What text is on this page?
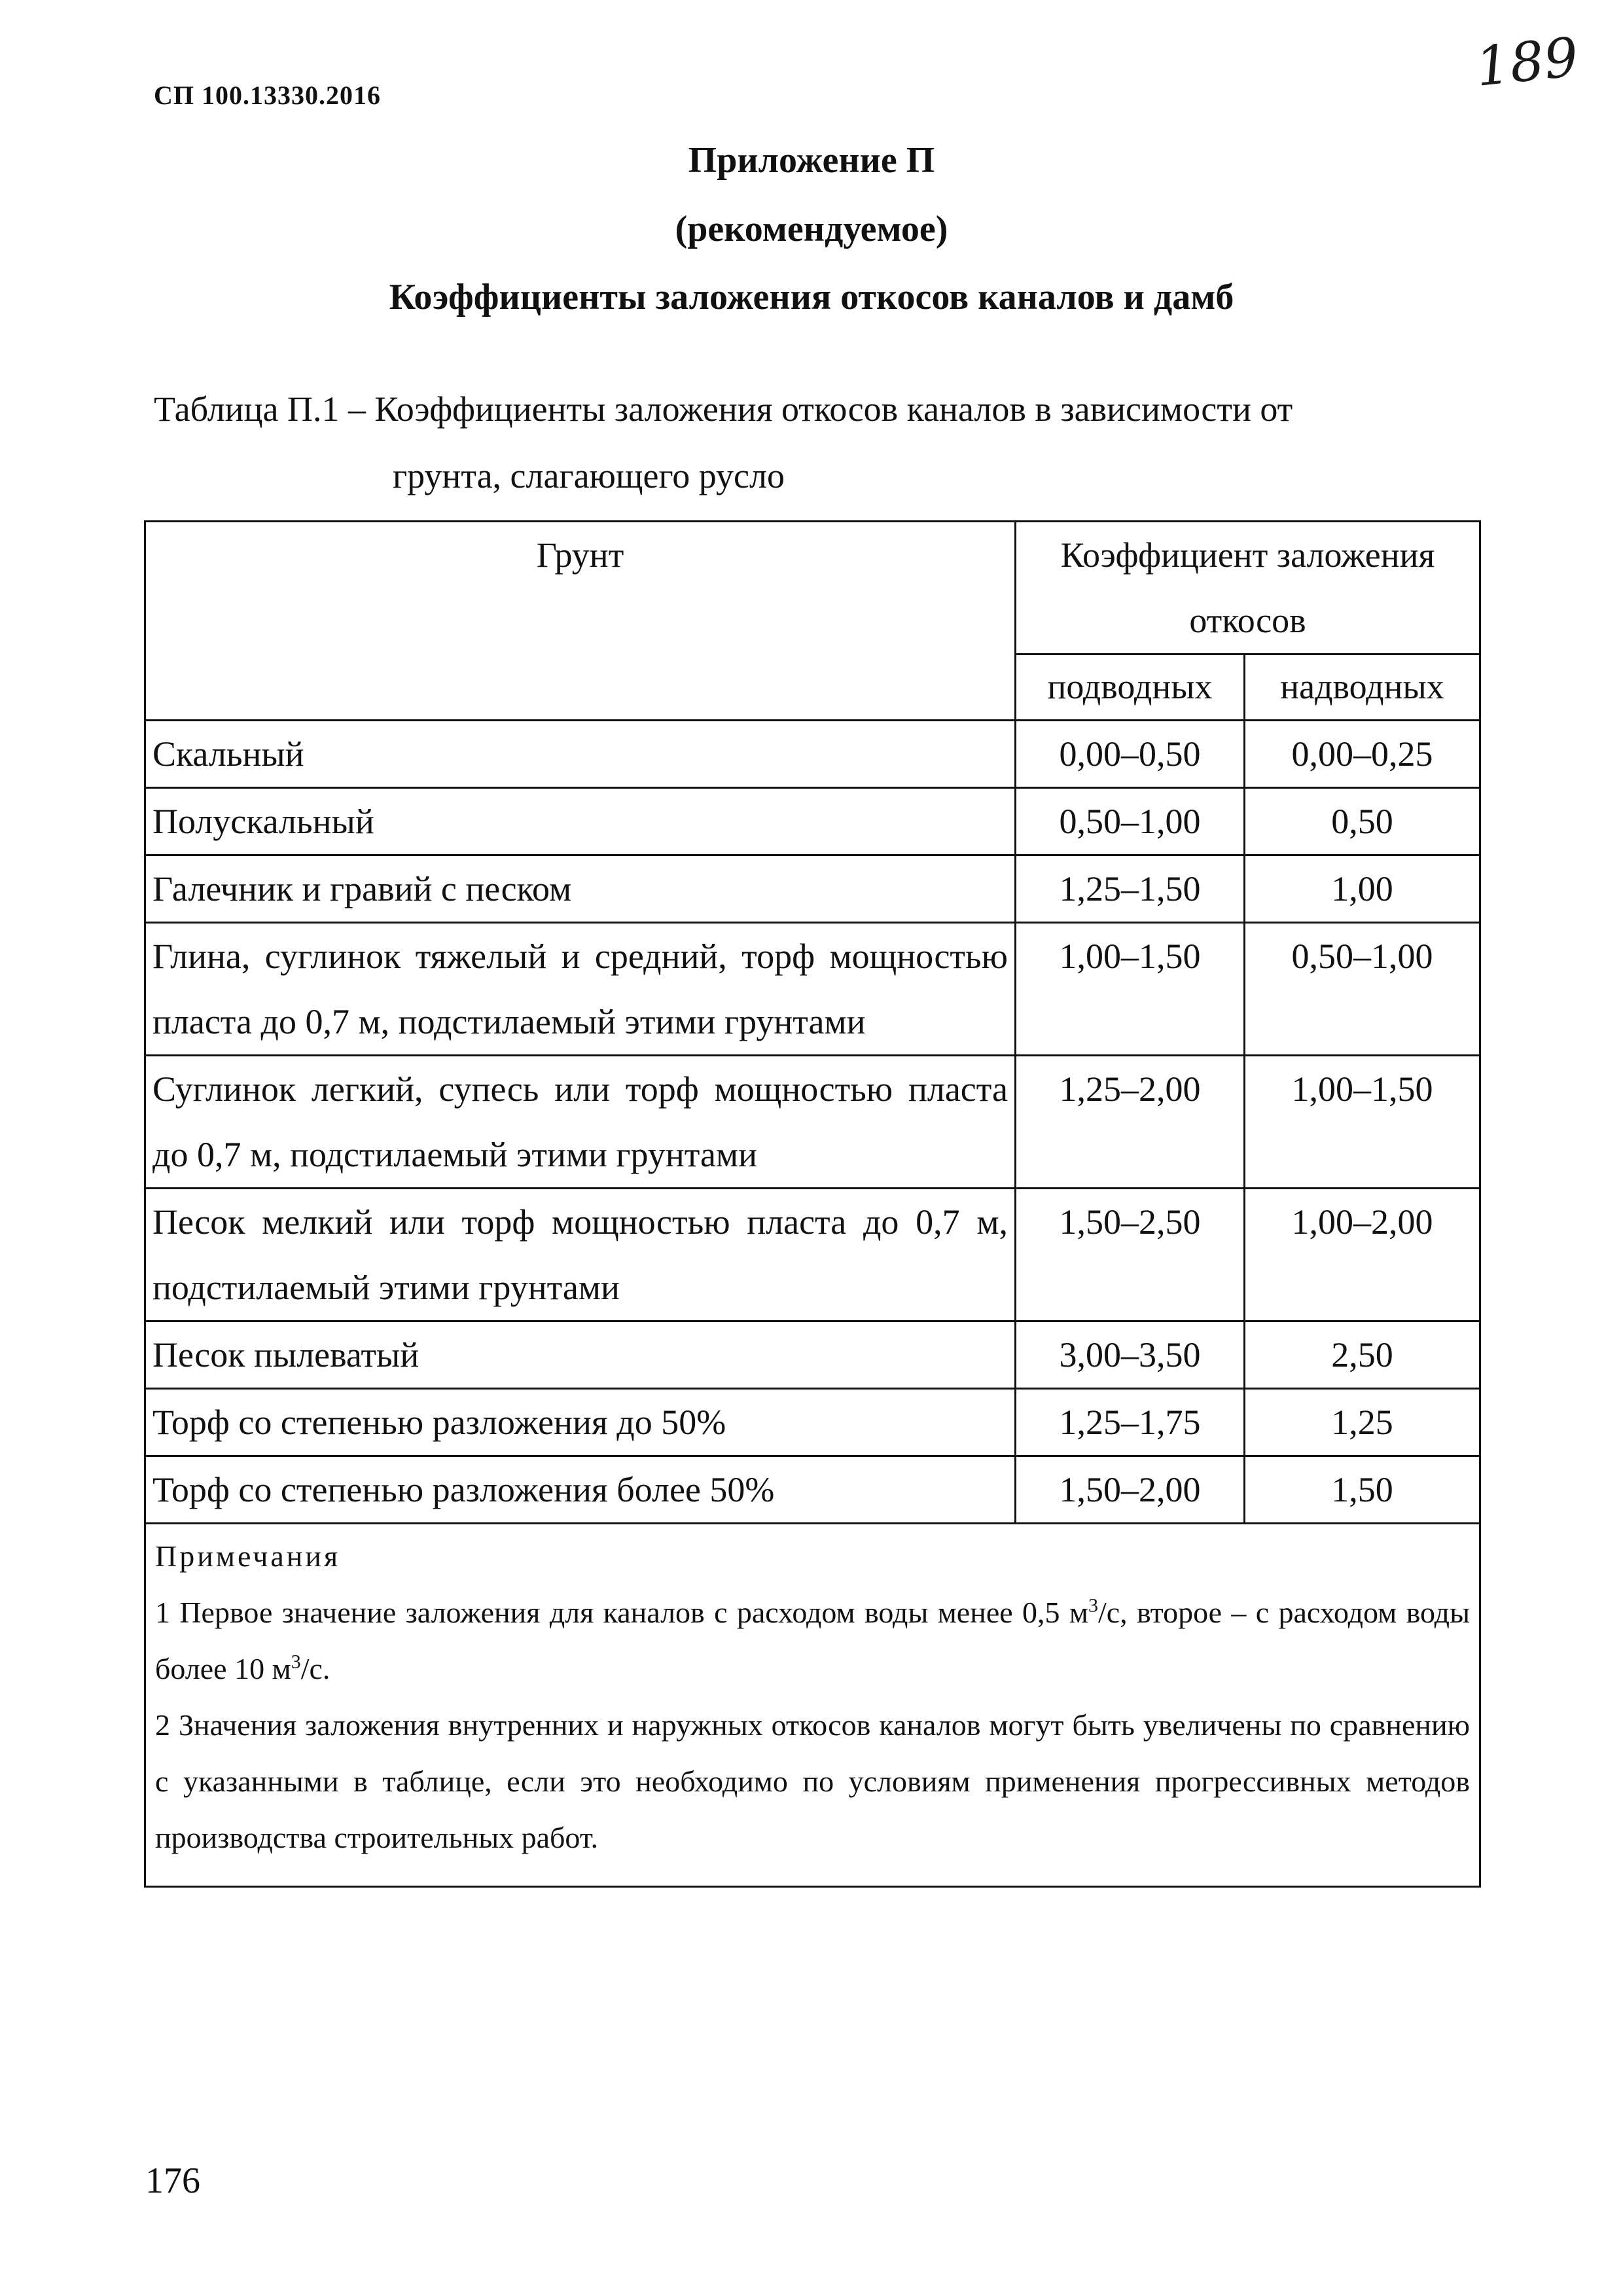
СП 100.13330.2016	189
Приложение П
(рекомендуемое)
Коэффициенты заложения откосов каналов и дамб
Таблица П.1 – Коэффициенты заложения откосов каналов в зависимости от
грунта, слагающего русло
Грунт	Коэффициент заложения откосов	
	подводных	надводных
Скальный	0,00–0,50	0,00–0,25
Полускальный	0,50–1,00	0,50
Галечник и гравий с песком	1,25–1,50	1,00
Глина, суглинок тяжелый и средний, торф мощностью пласта до 0,7 м, подстилаемый этими грунтами	1,00–1,50	0,50–1,00
Суглинок легкий, супесь или торф мощностью пласта до 0,7 м, подстилаемый этими грунтами	1,25–2,00	1,00–1,50
Песок мелкий или торф мощностью пласта до 0,7 м, подстилаемый этими грунтами	1,50–2,50	1,00–2,00
Песок пылеватый	3,00–3,50	2,50
Торф со степенью разложения до 50%	1,25–1,75	1,25
Торф со степенью разложения более 50%	1,50–2,00	1,50

Примечания
1 Первое значение заложения для каналов с расходом воды менее 0,5 $м^3/с$, второе – с расходом воды более 10 $м^3/с$.
2 Значения заложения внутренних и наружных откосов каналов могут быть увеличены по сравнению с указанными в таблице, если это необходимо по условиям применения прогрессивных методов производства строительных работ.		
176
